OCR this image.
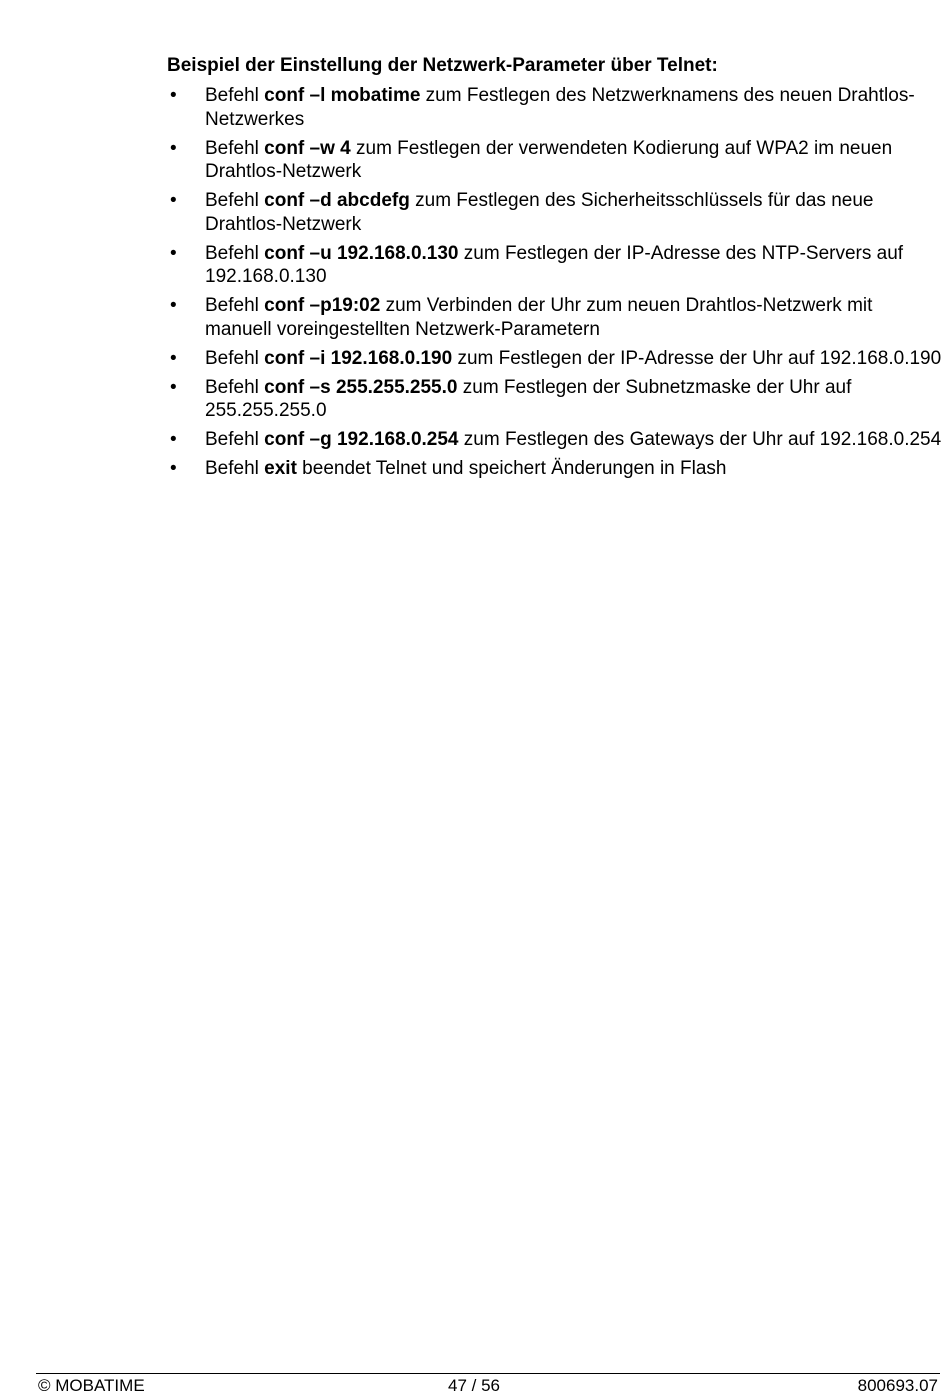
Beispiel der Einstellung der Netzwerk-Parameter über Telnet:
• Befehl conf –l mobatime zum Festlegen des Netzwerknamens des neuen Drahtlos-Netzwerkes
• Befehl conf –w 4 zum Festlegen der verwendeten Kodierung auf WPA2 im neuen Drahtlos-Netzwerk
• Befehl conf –d abcdefg zum Festlegen des Sicherheitsschlüssels für das neue Drahtlos-Netzwerk
• Befehl conf –u 192.168.0.130 zum Festlegen der IP-Adresse des NTP-Servers auf 192.168.0.130
• Befehl conf –p19:02 zum Verbinden der Uhr zum neuen Drahtlos-Netzwerk mit manuell voreingestellten Netzwerk-Parametern
• Befehl conf –i 192.168.0.190 zum Festlegen der IP-Adresse der Uhr auf 192.168.0.190
• Befehl conf –s 255.255.255.0 zum Festlegen der Subnetzmaske der Uhr auf 255.255.255.0
• Befehl conf –g 192.168.0.254 zum Festlegen des Gateways der Uhr auf 192.168.0.254
• Befehl exit beendet Telnet und speichert Änderungen in Flash
© MOBATIME	47 / 56	800693.07
